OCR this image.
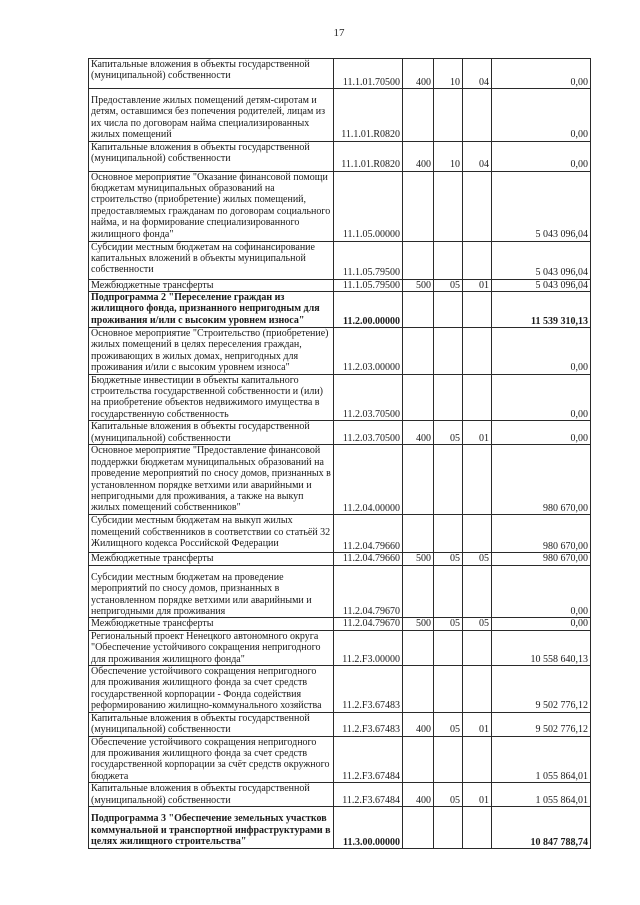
17
Капитальные вложения в объекты государственной (муниципальной) собственности	11.1.01.70500	400	10	04	0,00
Предоставление жилых помещений детям-сиротам и детям, оставшимся без попечения родителей, лицам из их числа по договорам найма специализированных жилых помещений	11.1.01.R0820				0,00
Капитальные вложения в объекты государственной (муниципальной) собственности	11.1.01.R0820	400	10	04	0,00
Основное мероприятие "Оказание финансовой помощи бюджетам муниципальных образований на строительство (приобретение) жилых помещений, предоставляемых гражданам по договорам социального найма, и на формирование специализированного жилищного фонда"	11.1.05.00000				5 043 096,04
Субсидии местным бюджетам на софинансирование капитальных вложений в объекты муниципальной собственности	11.1.05.79500				5 043 096,04
Межбюджетные трансферты	11.1.05.79500	500	05	01	5 043 096,04
Подпрограмма 2 "Переселение граждан из жилищного фонда, признанного непригодным для проживания и/или с высоким уровнем износа"	11.2.00.00000				11 539 310,13
Основное мероприятие "Строительство (приобретение) жилых помещений в целях переселения граждан, проживающих в жилых домах, непригодных для проживания и/или с высоким уровнем износа"	11.2.03.00000				0,00
Бюджетные инвестиции в объекты капитального строительства государственной собственности и (или) на приобретение объектов недвижимого имущества в государственную собственность	11.2.03.70500				0,00
Капитальные вложения в объекты государственной (муниципальной) собственности	11.2.03.70500	400	05	01	0,00
Основное мероприятие "Предоставление финансовой поддержки бюджетам муниципальных образований на проведение мероприятий по сносу домов, признанных в установленном порядке ветхими или аварийными и непригодными для проживания, а также на выкуп жилых помещений собственников"	11.2.04.00000				980 670,00
Субсидии местным бюджетам на выкуп жилых помещений собственников в соответствии со статьёй 32 Жилищного кодекса Российской Федерации	11.2.04.79660				980 670,00
Межбюджетные трансферты	11.2.04.79660	500	05	05	980 670,00
Субсидии местным бюджетам на проведение мероприятий по сносу домов, признанных в установленном порядке ветхими или аварийными и непригодными для проживания	11.2.04.79670				0,00
Межбюджетные трансферты	11.2.04.79670	500	05	05	0,00
Региональный проект Ненецкого автономного округа "Обеспечение устойчивого сокращения непригодного для проживания жилищного фонда"	11.2.F3.00000				10 558 640,13
Обеспечение устойчивого сокращения непригодного для проживания жилищного фонда за счет средств государственной корпорации - Фонда содействия реформированию жилищно-коммунального хозяйства	11.2.F3.67483				9 502 776,12
Капитальные вложения в объекты государственной (муниципальной) собственности	11.2.F3.67483	400	05	01	9 502 776,12
Обеспечение устойчивого сокращения непригодного для проживания жилищного фонда за счет средств государственной корпорации за счёт средств окружного бюджета	11.2.F3.67484				1 055 864,01
Капитальные вложения в объекты государственной (муниципальной) собственности	11.2.F3.67484	400	05	01	1 055 864,01
Подпрограмма 3 "Обеспечение земельных участков коммунальной и транспортной инфраструктурами в целях жилищного строительства"	11.3.00.00000				10 847 788,74
